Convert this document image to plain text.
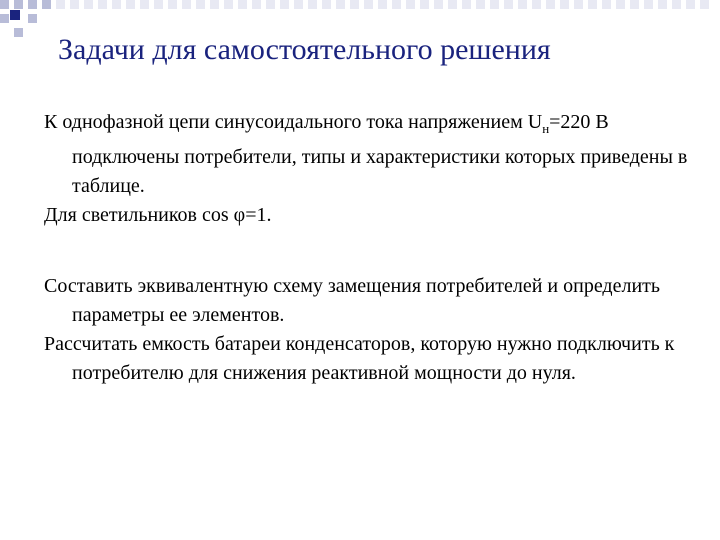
Задачи для самостоятельного решения

К однофазной цепи синусоидального тока напряжением $U_н=220$ В подключены потребители, типы и характеристики которых приведены в таблице.

Для светильников cos φ=1.

Составить эквивалентную схему замещения потребителей и определить параметры ее элементов.

Рассчитать емкость батареи конденсаторов, которую нужно подключить к потребителю для снижения реактивной мощности до нуля.
